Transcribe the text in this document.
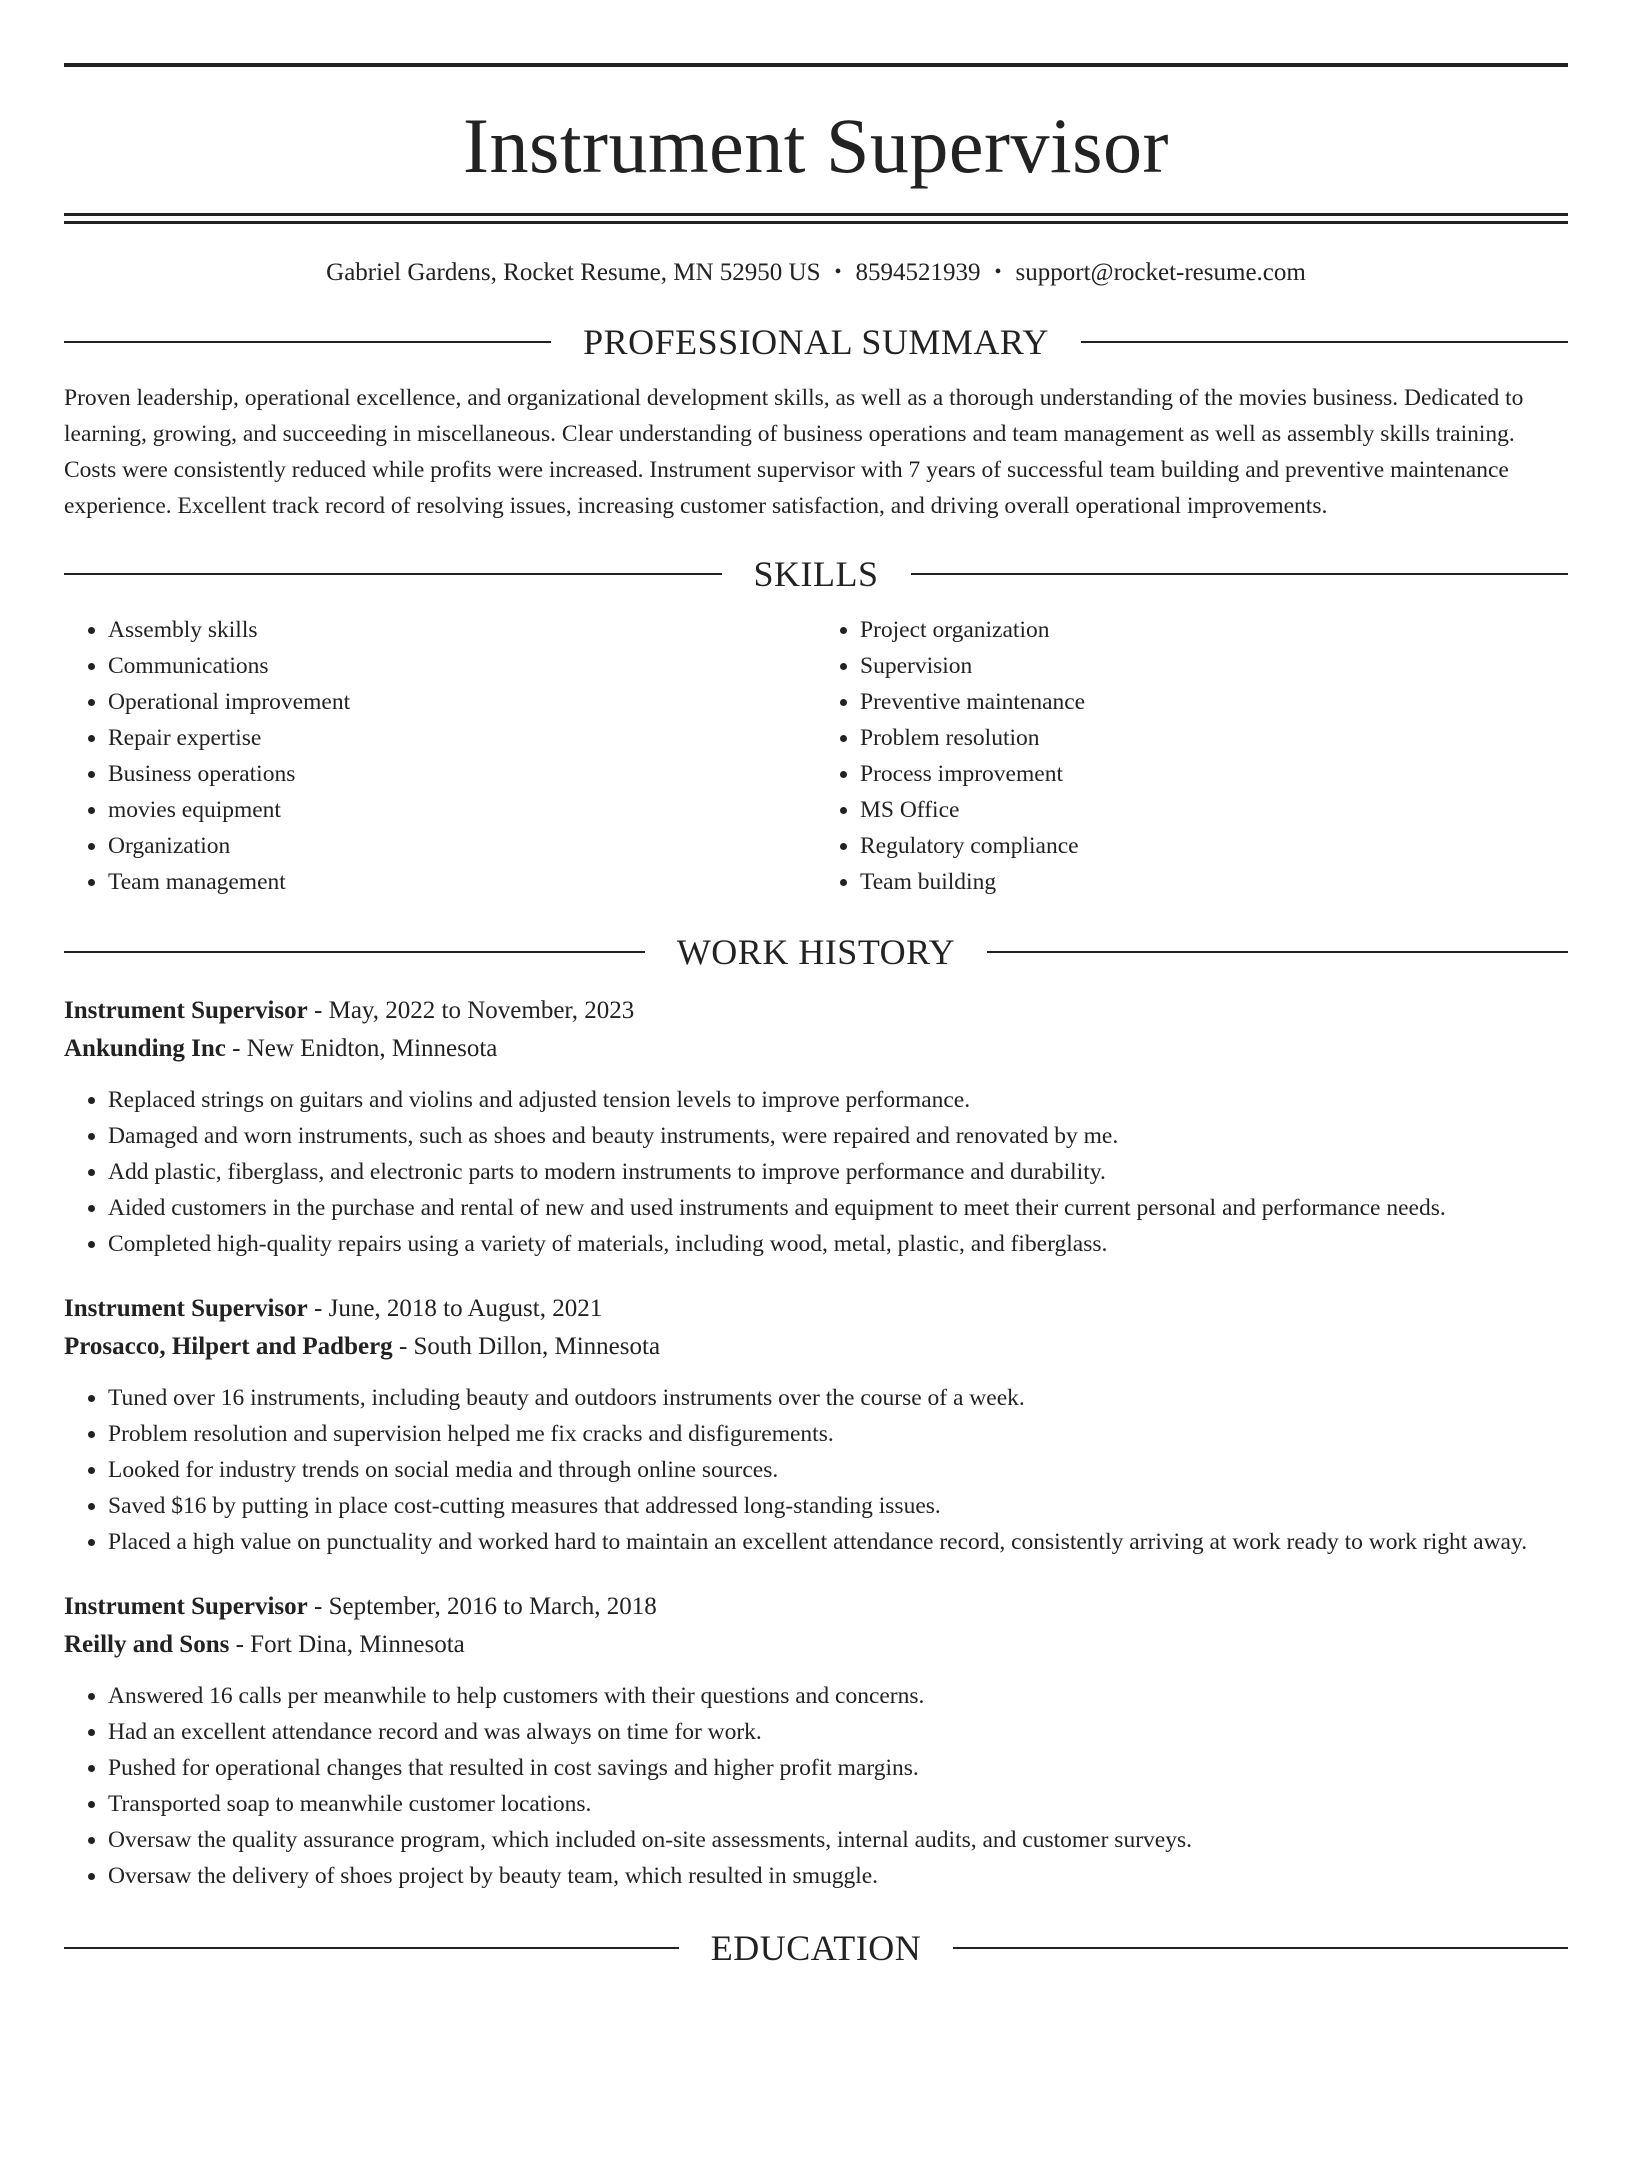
Instrument Supervisor
Gabriel Gardens, Rocket Resume, MN 52950 US • 8594521939 • support@rocket-resume.com
PROFESSIONAL SUMMARY

Proven leadership, operational excellence, and organizational development skills, as well as a thorough understanding of the movies business. Dedicated to learning, growing, and succeeding in miscellaneous. Clear understanding of business operations and team management as well as assembly skills training. Costs were consistently reduced while profits were increased. Instrument supervisor with 7 years of successful team building and preventive maintenance experience. Excellent track record of resolving issues, increasing customer satisfaction, and driving overall operational improvements.

SKILLS
• Assembly skills
• Communications
• Operational improvement
• Repair expertise
• Business operations
• movies equipment
• Organization
• Team management
• Project organization
• Supervision
• Preventive maintenance
• Problem resolution
• Process improvement
• MS Office
• Regulatory compliance
• Team building
WORK HISTORY
Instrument Supervisor - May, 2022 to November, 2023
Ankunding Inc - New Enidton, Minnesota
• Replaced strings on guitars and violins and adjusted tension levels to improve performance.
• Damaged and worn instruments, such as shoes and beauty instruments, were repaired and renovated by me.
• Add plastic, fiberglass, and electronic parts to modern instruments to improve performance and durability.
• Aided customers in the purchase and rental of new and used instruments and equipment to meet their current personal and performance needs.
• Completed high-quality repairs using a variety of materials, including wood, metal, plastic, and fiberglass.
Instrument Supervisor - June, 2018 to August, 2021
Prosacco, Hilpert and Padberg - South Dillon, Minnesota
• Tuned over 16 instruments, including beauty and outdoors instruments over the course of a week.
• Problem resolution and supervision helped me fix cracks and disfigurements.
• Looked for industry trends on social media and through online sources.
• Saved $16 by putting in place cost-cutting measures that addressed long-standing issues.
• Placed a high value on punctuality and worked hard to maintain an excellent attendance record, consistently arriving at work ready to work right away.
Instrument Supervisor - September, 2016 to March, 2018
Reilly and Sons - Fort Dina, Minnesota
• Answered 16 calls per meanwhile to help customers with their questions and concerns.
• Had an excellent attendance record and was always on time for work.
• Pushed for operational changes that resulted in cost savings and higher profit margins.
• Transported soap to meanwhile customer locations.
• Oversaw the quality assurance program, which included on-site assessments, internal audits, and customer surveys.
• Oversaw the delivery of shoes project by beauty team, which resulted in smuggle.
EDUCATION
